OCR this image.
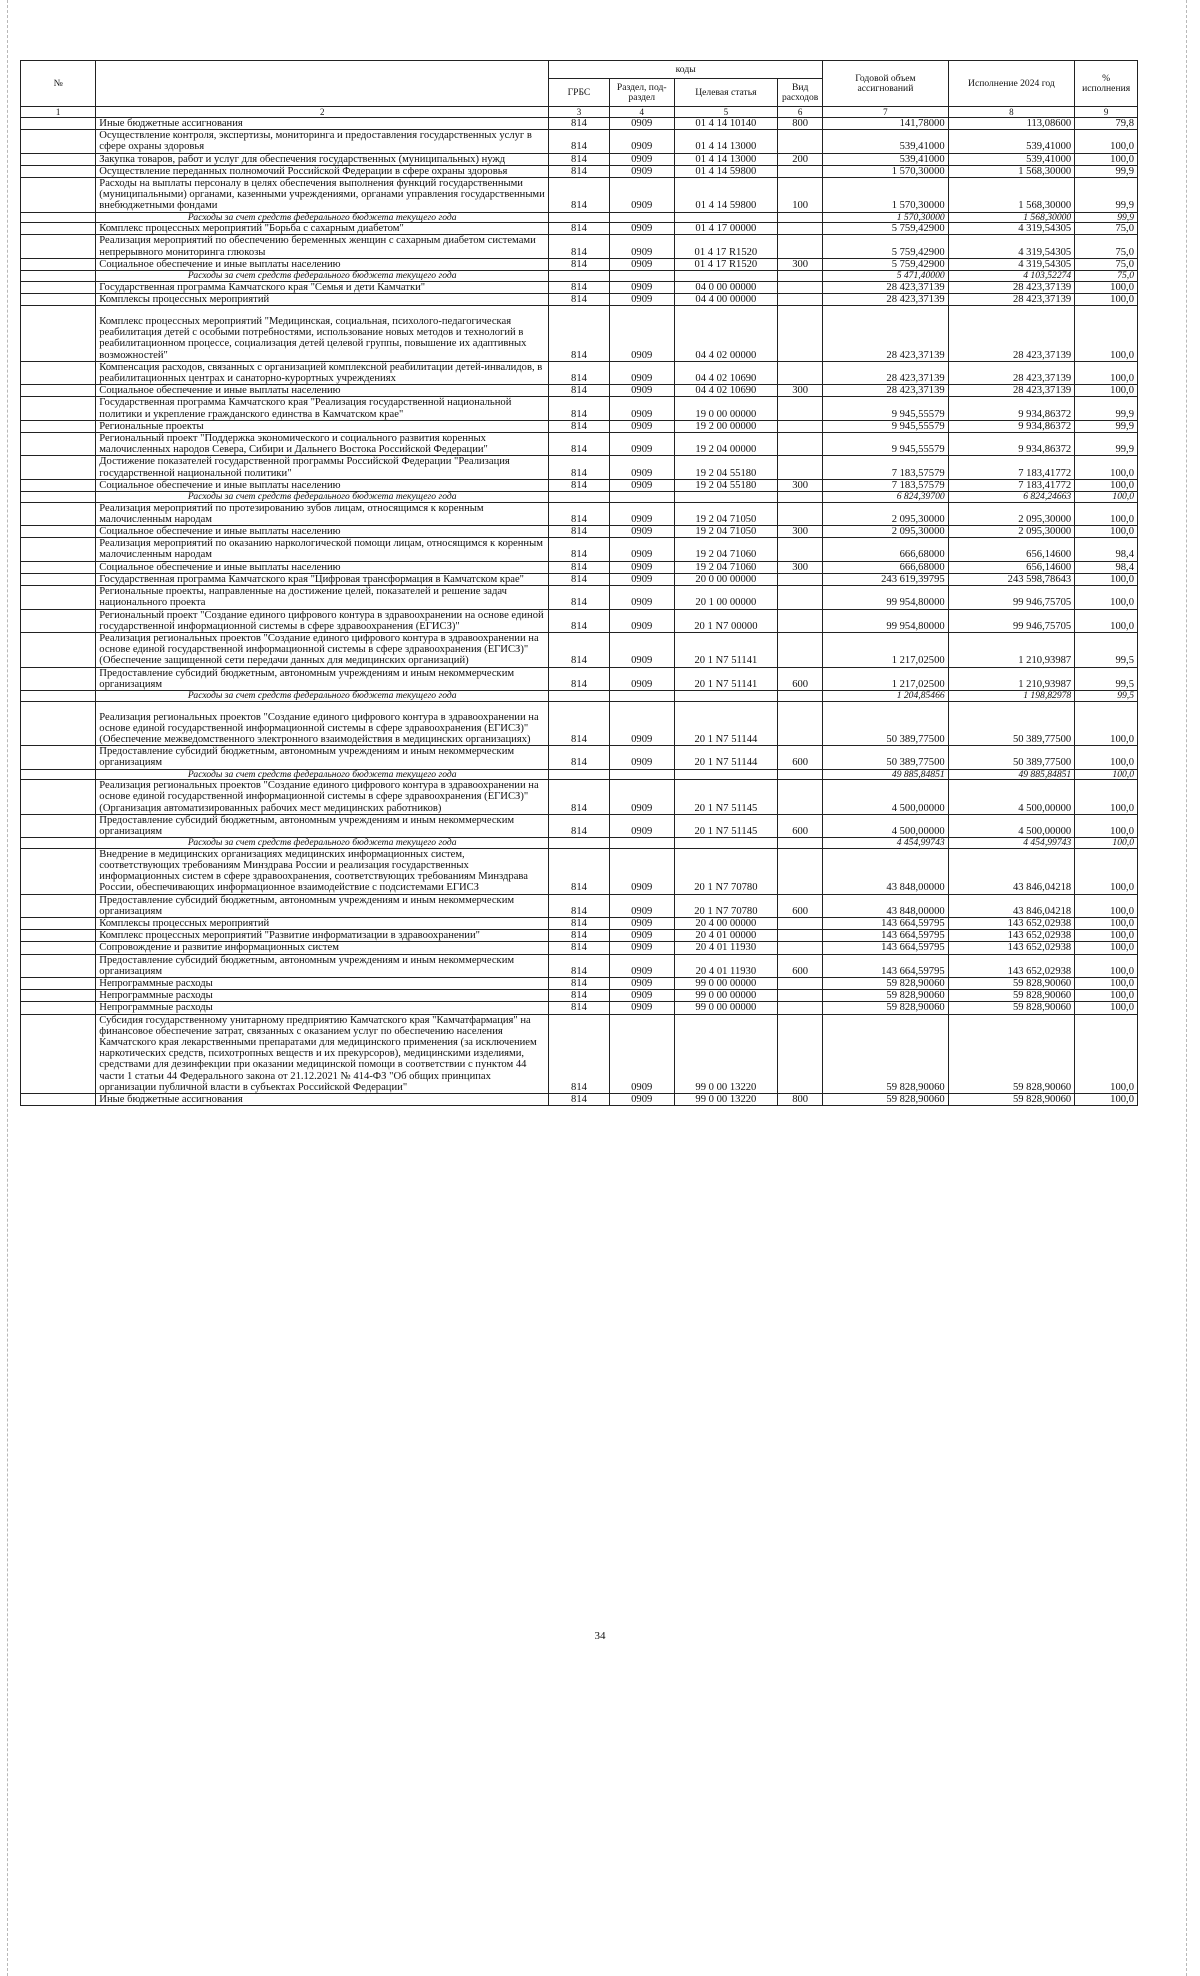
№		коды				Годовой объем ассигнований	Исполнение 2024 год	% исполнения
		ГРБС	Раздел, под-раздел	Целевая статья	Вид расходов			
1	2	3	4	5	6	7	8	9
	Иные бюджетные ассигнования	814	0909	01 4 14 10140	800	141,78000	113,08600	79,8
	Осуществление контроля, экспертизы, мониторинга и предоставления государственных услуг в сфере охраны здоровья	814	0909	01 4 14 13000		539,41000	539,41000	100,0
	Закупка товаров, работ и услуг для обеспечения государственных (муниципальных) нужд	814	0909	01 4 14 13000	200	539,41000	539,41000	100,0
	Осуществление переданных полномочий Российской Федерации в сфере охраны здоровья	814	0909	01 4 14 59800		1 570,30000	1 568,30000	99,9
	Расходы на выплаты персоналу в целях обеспечения выполнения функций государственными (муниципальными) органами, казенными учреждениями, органами управления государственными внебюджетными фондами	814	0909	01 4 14 59800	100	1 570,30000	1 568,30000	99,9
	Расходы за счет средств федерального бюджета текущего года					1 570,30000	1 568,30000	99,9
	Комплекс процессных мероприятий "Борьба с сахарным диабетом"	814	0909	01 4 17 00000		5 759,42900	4 319,54305	75,0
	Реализация мероприятий по обеспечению беременных женщин с сахарным диабетом системами непрерывного мониторинга глюкозы	814	0909	01 4 17 R1520		5 759,42900	4 319,54305	75,0
	Социальное обеспечение и иные выплаты населению	814	0909	01 4 17 R1520	300	5 759,42900	4 319,54305	75,0
	Расходы за счет средств федерального бюджета текущего года					5 471,40000	4 103,52274	75,0
	Государственная программа Камчатского края "Семья и дети Камчатки"	814	0909	04 0 00 00000		28 423,37139	28 423,37139	100,0
	Комплексы процессных мероприятий	814	0909	04 4 00 00000		28 423,37139	28 423,37139	100,0
	Комплекс процессных мероприятий "Медицинская, социальная, психолого-педагогическая реабилитация детей с особыми потребностями, использование новых методов и технологий в реабилитационном процессе, социализация детей целевой группы, повышение их адаптивных возможностей"	814	0909	04 4 02 00000		28 423,37139	28 423,37139	100,0
	Компенсация расходов, связанных с организацией комплексной реабилитации детей-инвалидов, в реабилитационных центрах и санаторно-курортных учреждениях	814	0909	04 4 02 10690		28 423,37139	28 423,37139	100,0
	Социальное обеспечение и иные выплаты населению	814	0909	04 4 02 10690	300	28 423,37139	28 423,37139	100,0
	Государственная программа Камчатского края "Реализация государственной национальной политики и укрепление гражданского единства в Камчатском крае"	814	0909	19 0 00 00000		9 945,55579	9 934,86372	99,9
	Региональные проекты	814	0909	19 2 00 00000		9 945,55579	9 934,86372	99,9
	Региональный проект "Поддержка экономического и социального развития коренных малочисленных народов Севера, Сибири и Дальнего Востока Российской Федерации"	814	0909	19 2 04 00000		9 945,55579	9 934,86372	99,9
	Достижение показателей государственной программы Российской Федерации "Реализация государственной национальной политики"	814	0909	19 2 04 55180		7 183,57579	7 183,41772	100,0
	Социальное обеспечение и иные выплаты населению	814	0909	19 2 04 55180	300	7 183,57579	7 183,41772	100,0
	Расходы за счет средств федерального бюджета текущего года					6 824,39700	6 824,24663	100,0
	Реализация мероприятий по протезированию зубов лицам, относящимся к коренным малочисленным народам	814	0909	19 2 04 71050		2 095,30000	2 095,30000	100,0
	Социальное обеспечение и иные выплаты населению	814	0909	19 2 04 71050	300	2 095,30000	2 095,30000	100,0
	Реализация мероприятий по оказанию наркологической помощи лицам, относящимся к коренным малочисленным народам	814	0909	19 2 04 71060		666,68000	656,14600	98,4
	Социальное обеспечение и иные выплаты населению	814	0909	19 2 04 71060	300	666,68000	656,14600	98,4
	Государственная программа Камчатского края "Цифровая трансформация в Камчатском крае"	814	0909	20 0 00 00000		243 619,39795	243 598,78643	100,0
	Региональные проекты, направленные на достижение целей, показателей и решение задач национального проекта	814	0909	20 1 00 00000		99 954,80000	99 946,75705	100,0
	Региональный проект "Создание единого цифрового контура в здравоохранении на основе единой государственной информационной системы в сфере здравоохранения (ЕГИСЗ)"	814	0909	20 1 N7 00000		99 954,80000	99 946,75705	100,0
	Реализация региональных проектов "Создание единого цифрового контура в здравоохранении на основе единой государственной информационной системы в сфере здравоохранения (ЕГИСЗ)" (Обеспечение защищенной сети передачи данных для медицинских организаций)	814	0909	20 1 N7 51141		1 217,02500	1 210,93987	99,5
	Предоставление субсидий бюджетным, автономным учреждениям и иным некоммерческим организациям	814	0909	20 1 N7 51141	600	1 217,02500	1 210,93987	99,5
	Расходы за счет средств федерального бюджета текущего года					1 204,85466	1 198,82978	99,5
	Реализация региональных проектов "Создание единого цифрового контура в здравоохранении на основе единой государственной информационной системы в сфере здравоохранения (ЕГИСЗ)" (Обеспечение межведомственного электронного взаимодействия в медицинских организациях)	814	0909	20 1 N7 51144		50 389,77500	50 389,77500	100,0
	Предоставление субсидий бюджетным, автономным учреждениям и иным некоммерческим организациям	814	0909	20 1 N7 51144	600	50 389,77500	50 389,77500	100,0
	Расходы за счет средств федерального бюджета текущего года					49 885,84851	49 885,84851	100,0
	Реализация региональных проектов "Создание единого цифрового контура в здравоохранении на основе единой государственной информационной системы в сфере здравоохранения (ЕГИСЗ)" (Организация автоматизированных рабочих мест медицинских работников)	814	0909	20 1 N7 51145		4 500,00000	4 500,00000	100,0
	Предоставление субсидий бюджетным, автономным учреждениям и иным некоммерческим организациям	814	0909	20 1 N7 51145	600	4 500,00000	4 500,00000	100,0
	Расходы за счет средств федерального бюджета текущего года					4 454,99743	4 454,99743	100,0
	Внедрение в медицинских организациях медицинских информационных систем, соответствующих требованиям Минздрава России и реализация государственных информационных систем в сфере здравоохранения, соответствующих требованиям Минздрава России, обеспечивающих информационное взаимодействие с подсистемами ЕГИСЗ	814	0909	20 1 N7 70780		43 848,00000	43 846,04218	100,0
	Предоставление субсидий бюджетным, автономным учреждениям и иным некоммерческим организациям	814	0909	20 1 N7 70780	600	43 848,00000	43 846,04218	100,0
	Комплексы процессных мероприятий	814	0909	20 4 00 00000		143 664,59795	143 652,02938	100,0
	Комплекс процессных мероприятий "Развитие информатизации в здравоохранении"	814	0909	20 4 01 00000		143 664,59795	143 652,02938	100,0
	Сопровождение и развитие информационных систем	814	0909	20 4 01 11930		143 664,59795	143 652,02938	100,0
	Предоставление субсидий бюджетным, автономным учреждениям и иным некоммерческим организациям	814	0909	20 4 01 11930	600	143 664,59795	143 652,02938	100,0
	Непрограммные расходы	814	0909	99 0 00 00000		59 828,90060	59 828,90060	100,0
	Непрограммные расходы	814	0909	99 0 00 00000		59 828,90060	59 828,90060	100,0
	Непрограммные расходы	814	0909	99 0 00 00000		59 828,90060	59 828,90060	100,0
	Субсидия государственному унитарному предприятию Камчатского края "Камчатфармация" на финансовое обеспечение затрат, связанных с оказанием услуг по обеспечению населения Камчатского края лекарственными препаратами для медицинского применения (за исключением наркотических средств, психотропных веществ и их прекурсоров), медицинскими изделиями, средствами для дезинфекции при оказании медицинской помощи в соответствии с пунктом 44 части 1 статьи 44 Федерального закона от 21.12.2021 № 414-ФЗ "Об общих принципах организации публичной власти в субъектах Российской Федерации"	814	0909	99 0 00 13220		59 828,90060	59 828,90060	100,0
	Иные бюджетные ассигнования	814	0909	99 0 00 13220	800	59 828,90060	59 828,90060	100,0
34
